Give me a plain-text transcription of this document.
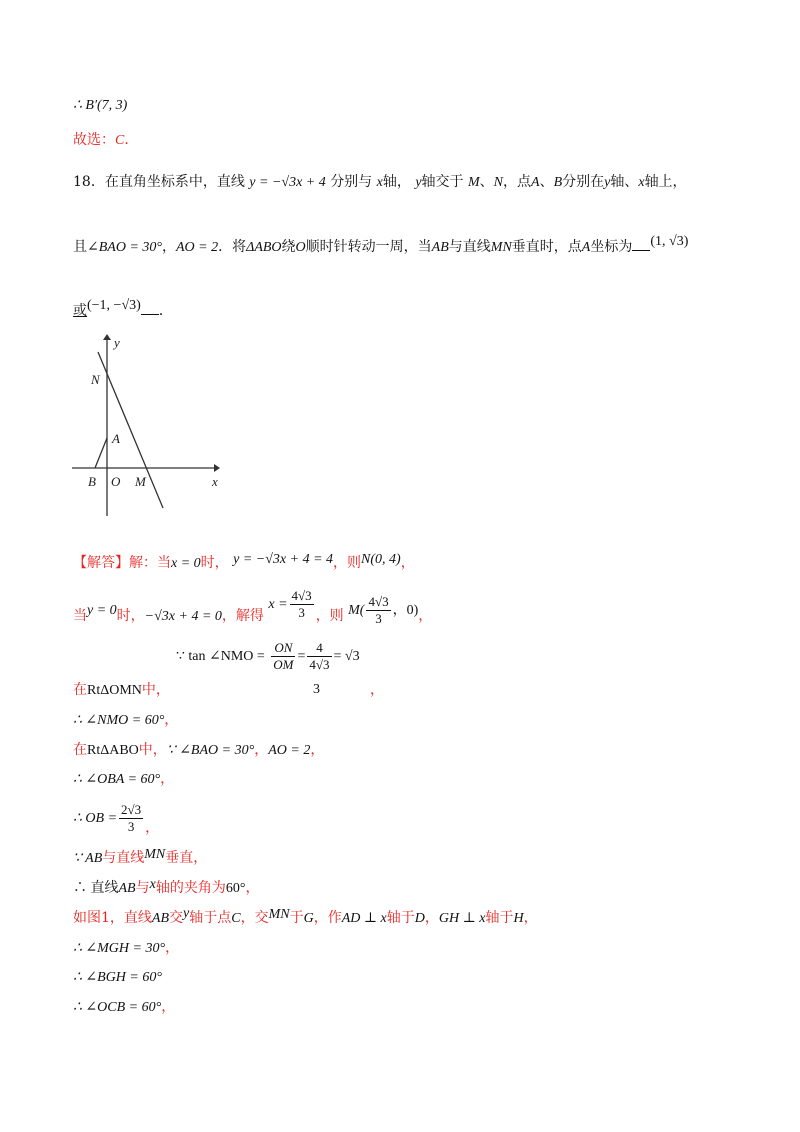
∴ B′(7, 3)
故选：C．
18．在直角坐标系中，直线 y = −√3x + 4 分别与 x轴， y轴交于 M、N，点A、B分别在y轴、x轴上，
且∠BAO = 30°，AO = 2．将ΔABO绕O顺时针转动一周，当AB与直线MN垂直时，点A坐标为 (1, √3)
或(−1, −√3) ．
y
x
N
A
B O M
【解答】解：当x = 0时， y = −√3x + 4 = 4，则N(0, 4)，
当y = 0时，−√3x + 4 = 0，解得 $x = \frac{4√3}{3}$ ，则 $M( \frac{4√3}{3}$ ，0)，
∵ tan ∠NMO = $\frac{ON}{OM} = \frac{4}{4√3} = √3$
在RtΔOMN中，	3	，
∴ ∠NMO = 60°，
在RtΔABO中，∵ ∠BAO = 30°，AO = 2，
∴ ∠OBA = 60°，
∴ OB = $\frac{2√3}{3}$ ，
∵ AB与直线MN垂直，
∴ 直线AB与x轴的夹角为60°，
如图1，直线AB交y轴于点C，交MN于G，作AD ⊥ x轴于D，GH ⊥ x轴于H，
∴ ∠MGH = 30°，
∴ ∠BGH = 60°
∴ ∠OCB = 60°，
